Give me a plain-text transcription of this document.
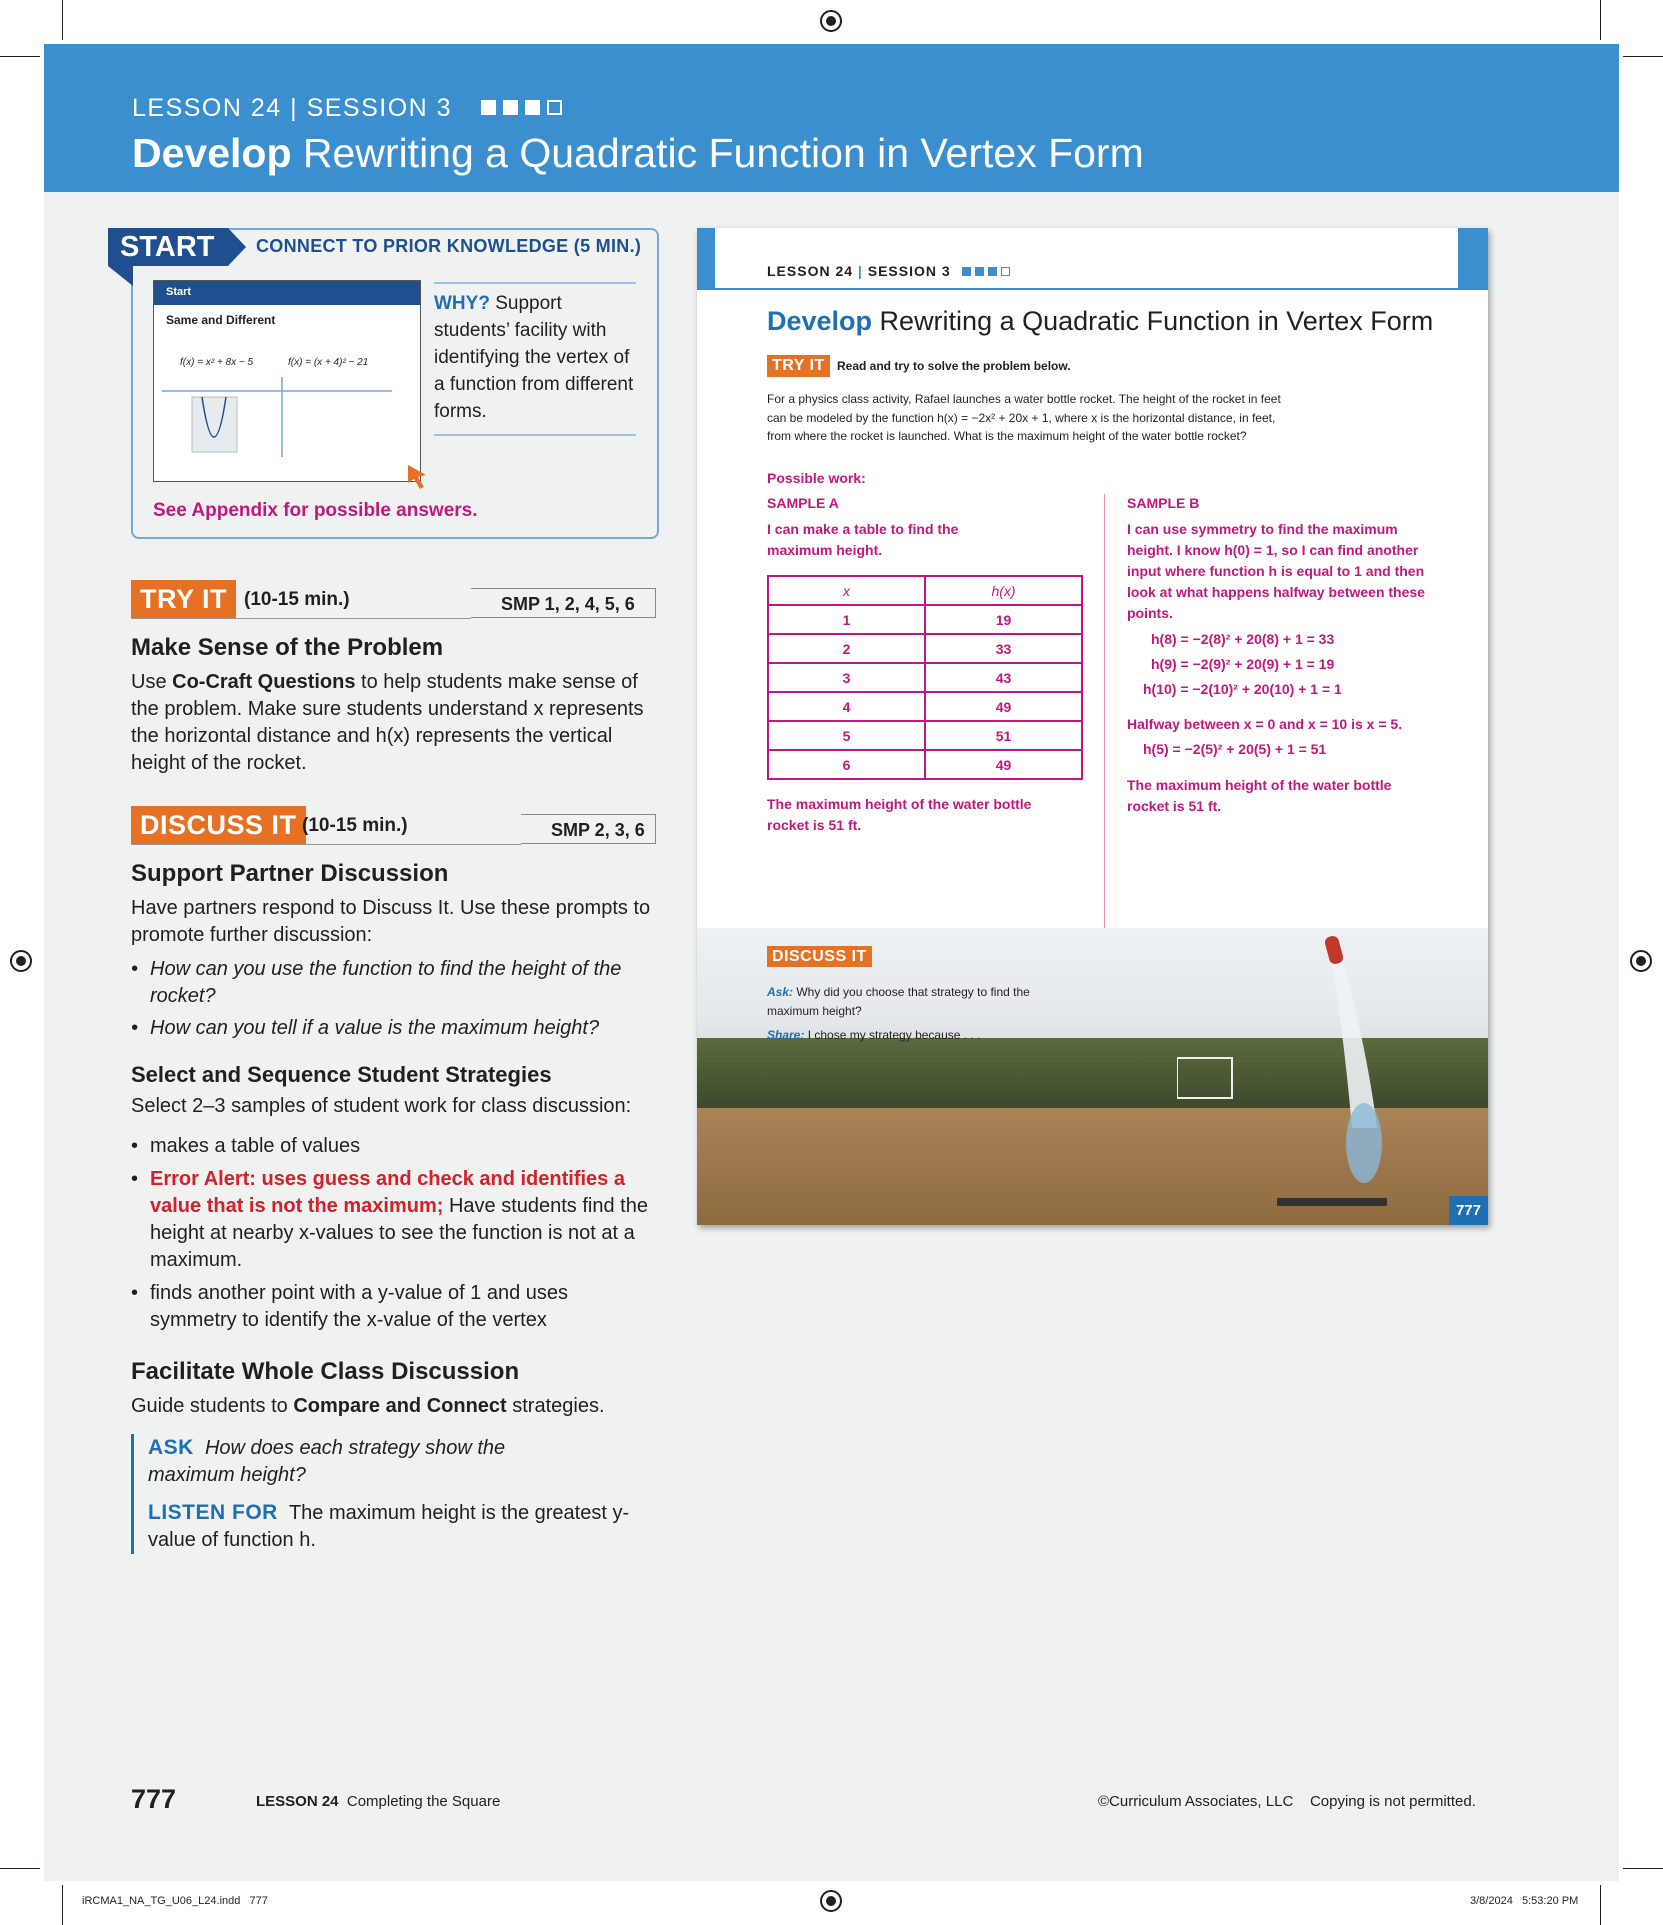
LESSON 24 | SESSION 3
Develop Rewriting a Quadratic Function in Vertex Form
START	CONNECT TO PRIOR KNOWLEDGE (5 MIN.)
Start
Same and Different
f(x) = x² + 8x − 5	f(x) = (x + 4)² − 21
WHY? Support students’ facility with identifying the vertex of a function from different forms.
See Appendix for possible answers.
TRY IT (10-15 min.)	SMP 1, 2, 4, 5, 6
Make Sense of the Problem
Use Co-Craft Questions to help students make sense of the problem. Make sure students understand x represents the horizontal distance and h(x) represents the vertical height of the rocket.
DISCUSS IT (10-15 min.)	SMP 2, 3, 6
Support Partner Discussion
Have partners respond to Discuss It. Use these prompts to promote further discussion:
• How can you use the function to find the height of the rocket?
• How can you tell if a value is the maximum height?
Select and Sequence Student Strategies
Select 2–3 samples of student work for class discussion:
• makes a table of values
• Error Alert: uses guess and check and identifies a value that is not the maximum; Have students find the height at nearby x-values to see the function is not at a maximum.
• finds another point with a y-value of 1 and uses symmetry to identify the x-value of the vertex
Facilitate Whole Class Discussion
Guide students to Compare and Connect strategies.
ASK How does each strategy show the maximum height?
LISTEN FOR The maximum height is the greatest y-value of function h.
LESSON 24 | SESSION 3
Develop Rewriting a Quadratic Function in Vertex Form
TRY IT	Read and try to solve the problem below.
For a physics class activity, Rafael launches a water bottle rocket. The height of the rocket in feet can be modeled by the function h(x) = −2x² + 20x + 1, where x is the horizontal distance, in feet, from where the rocket is launched. What is the maximum height of the water bottle rocket?
Possible work:
SAMPLE A
I can make a table to find the maximum height.
x	h(x)
1	19
2	33
3	43
4	49
5	51
6	49
The maximum height of the water bottle rocket is 51 ft.
SAMPLE B
I can use symmetry to find the maximum height. I know h(0) = 1, so I can find another input where function h is equal to 1 and then look at what happens halfway between these points.
h(8) = −2(8)² + 20(8) + 1 = 33
h(9) = −2(9)² + 20(9) + 1 = 19
h(10) = −2(10)² + 20(10) + 1 = 1
Halfway between x = 0 and x = 10 is x = 5.
h(5) = −2(5)² + 20(5) + 1 = 51
The maximum height of the water bottle rocket is 51 ft.
DISCUSS IT
Ask: Why did you choose that strategy to find the maximum height?
Share: I chose my strategy because . . .
777
777	LESSON 24  Completing the Square	©Curriculum Associates, LLC    Copying is not permitted.
iRCMA1_NA_TG_U06_L24.indd   777	3/8/2024   5:53:20 PM
